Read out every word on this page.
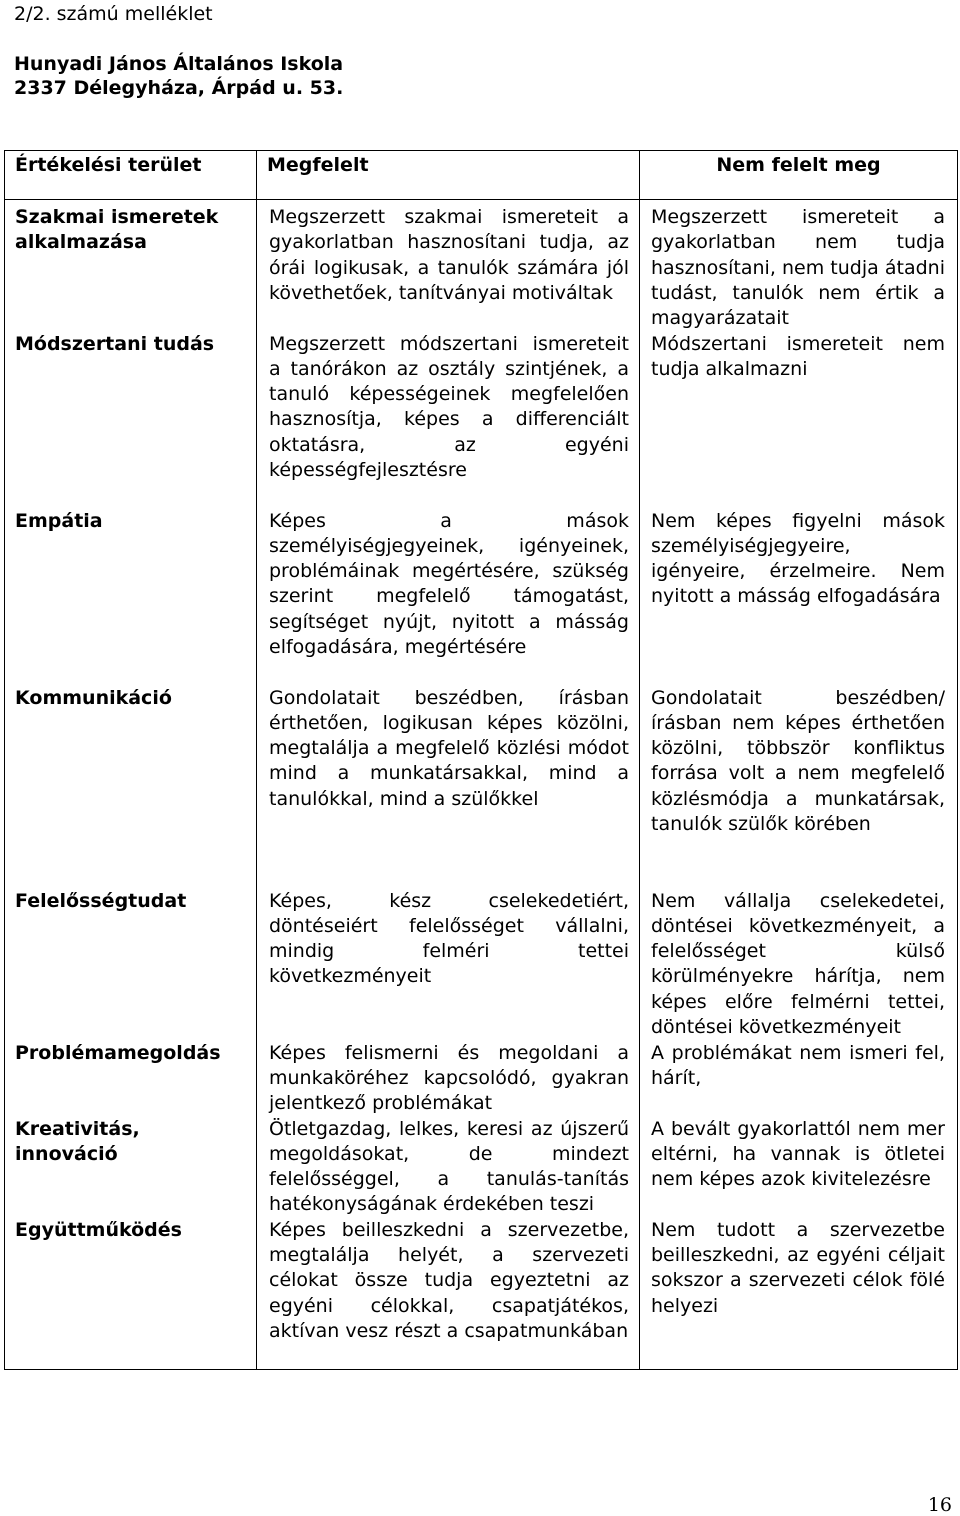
2/2. számú melléklet
Hunyadi János Általános Iskola
2337 Délegyháza, Árpád u. 53.
Értékelési terület	Megfelelt	Nem felelt meg
Szakmai ismeretek alkalmazása	Megszerzett szakmai ismereteit a gyakorlatban hasznosítani tudja, az órái logikusak, a tanulók számára jól követhetőek, tanítványai motiváltak	Megszerzett ismereteit a gyakorlatban nem tudja hasznosítani, nem tudja átadni tudást, tanulók nem értik a magyarázatait
Módszertani tudás	Megszerzett módszertani ismereteit a tanórákon az osztály szintjének, a tanuló képességeinek megfelelően hasznosítja, képes a differenciált oktatásra, az egyéni képességfejlesztésre	Módszertani ismereteit nem tudja alkalmazni
Empátia	Képes a mások személyiségjegyeinek, igényeinek, problémáinak megértésére, szükség szerint megfelelő támogatást, segítséget nyújt, nyitott a másság elfogadására, megértésére	Nem képes figyelni mások személyiségjegyeire, igényeire, érzelmeire. Nem nyitott a másság elfogadására
Kommunikáció	Gondolatait beszédben, írásban érthetően, logikusan képes közölni, megtalálja a megfelelő közlési módot mind a munkatársakkal, mind a tanulókkal, mind a szülőkkel	Gondolatait beszédben/írásban nem képes érthetően közölni, többször konfliktus forrása volt a nem megfelelő közlésmódja a munkatársak, tanulók szülők körében
Felelősségtudat	Képes, kész cselekedetiért, döntéseiért felelősséget vállalni, mindig felméri tettei következményeit	Nem vállalja cselekedetei, döntései következményeit, a felelősséget külső körülményekre hárítja, nem képes előre felmérni tettei, döntései következményeit
Problémamegoldás	Képes felismerni és megoldani a munkaköréhez kapcsolódó, gyakran jelentkező problémákat	A problémákat nem ismeri fel, hárít,
Kreativitás, innováció	Ötletgazdag, lelkes, keresi az újszerű megoldásokat, de mindezt felelősséggel, a tanulás-tanítás hatékonyságának érdekében teszi	A bevált gyakorlattól nem mer eltérni, ha vannak is ötletei nem képes azok kivitelezésre
Együttműködés	Képes beilleszkedni a szervezetbe, megtalálja helyét, a szervezeti célokat össze tudja egyeztetni az egyéni célokkal, csapatjátékos, aktívan vesz részt a csapatmunkában	Nem tudott a szervezetbe beilleszkedni, az egyéni céljait sokszor a szervezeti célok fölé helyezi
16
